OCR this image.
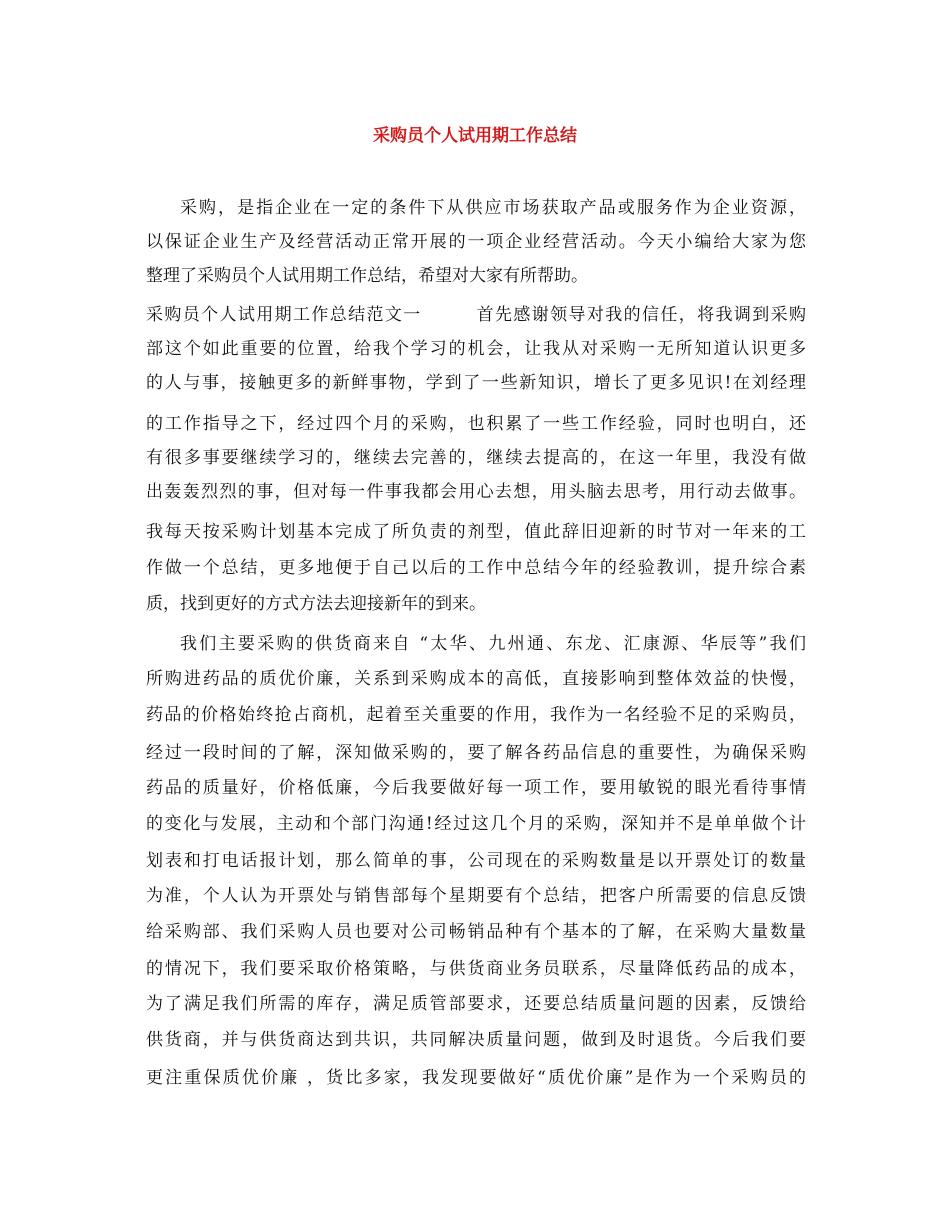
采购员个人试用期工作总结
采购，是指企业在一定的条件下从供应市场获取产品或服务作为企业资源，
以保证企业生产及经营活动正常开展的一项企业经营活动。今天小编给大家为您
整理了采购员个人试用期工作总结，希望对大家有所帮助。
采购员个人试用期工作总结范文一　　　首先感谢领导对我的信任，将我调到采购
部这个如此重要的位置，给我个学习的机会，让我从对采购一无所知道认识更多
的人与事，接触更多的新鲜事物，学到了一些新知识，增长了更多见识!在刘经理
的工作指导之下，经过四个月的采购，也积累了一些工作经验，同时也明白，还
有很多事要继续学习的，继续去完善的，继续去提高的，在这一年里，我没有做
出轰轰烈烈的事，但对每一件事我都会用心去想，用头脑去思考，用行动去做事。
我每天按采购计划基本完成了所负责的剂型，值此辞旧迎新的时节对一年来的工
作做一个总结，更多地便于自己以后的工作中总结今年的经验教训，提升综合素
质，找到更好的方式方法去迎接新年的到来。
我们主要采购的供货商来自 “太华、九州通、东龙、汇康源、华辰等”我们
所购进药品的质优价廉，关系到采购成本的高低，直接影响到整体效益的快慢，
药品的价格始终抢占商机，起着至关重要的作用，我作为一名经验不足的采购员，
经过一段时间的了解，深知做采购的，要了解各药品信息的重要性，为确保采购
药品的质量好，价格低廉，今后我要做好每一项工作，要用敏锐的眼光看待事情
的变化与发展，主动和个部门沟通!经过这几个月的采购，深知并不是单单做个计
划表和打电话报计划，那么简单的事，公司现在的采购数量是以开票处订的数量
为准，个人认为开票处与销售部每个星期要有个总结，把客户所需要的信息反馈
给采购部、我们采购人员也要对公司畅销品种有个基本的了解，在采购大量数量
的情况下，我们要采取价格策略，与供货商业务员联系，尽量降低药品的成本，
为了满足我们所需的库存，满足质管部要求，还要总结质量问题的因素，反馈给
供货商，并与供货商达到共识，共同解决质量问题，做到及时退货。今后我们要
更注重保质优价廉 ，货比多家，我发现要做好“质优价廉”是作为一个采购员的
